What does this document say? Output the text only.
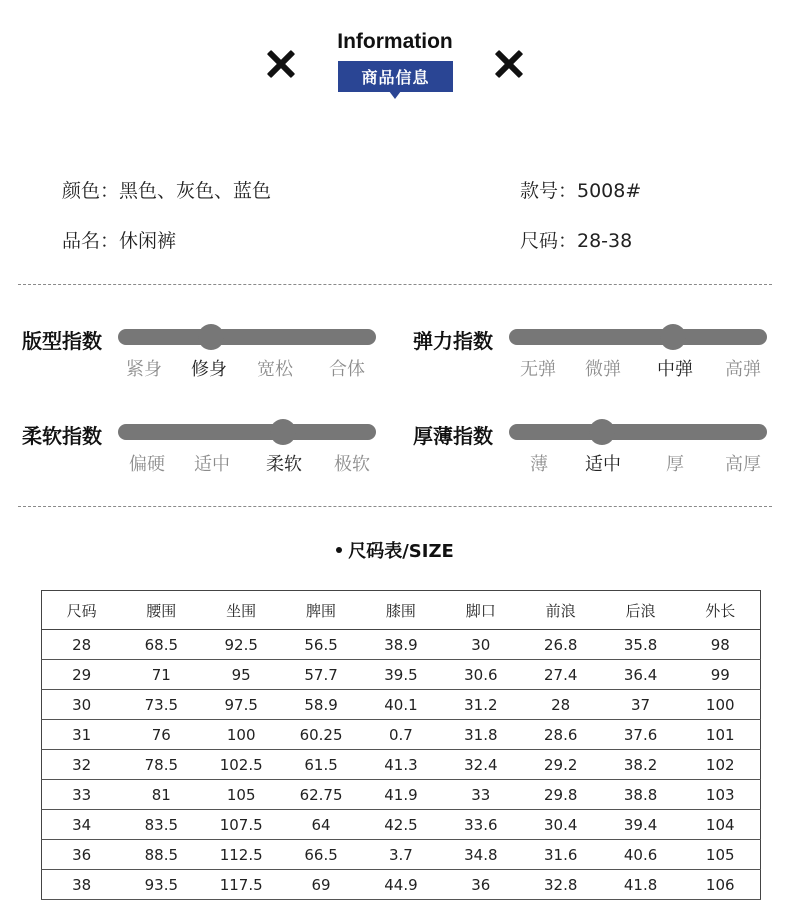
Information
商品信息
颜色：黑色、灰色、蓝色	款号：5008#
品名：休闲裤	尺码：28-38
版型指数
紧身	修身	宽松	合体
弹力指数
无弹	微弹	中弹	高弹
柔软指数
偏硬	适中	柔软	极软
厚薄指数
薄	适中	厚	高厚
尺码表/SIZE
尺码	腰围	坐围	脾围	膝围	脚口	前浪	后浪	外长
28	68.5	92.5	56.5	38.9	30	26.8	35.8	98
29	71	95	57.7	39.5	30.6	27.4	36.4	99
30	73.5	97.5	58.9	40.1	31.2	28	37	100
31	76	100	60.25	0.7	31.8	28.6	37.6	101
32	78.5	102.5	61.5	41.3	32.4	29.2	38.2	102
33	81	105	62.75	41.9	33	29.8	38.8	103
34	83.5	107.5	64	42.5	33.6	30.4	39.4	104
36	88.5	112.5	66.5	3.7	34.8	31.6	40.6	105
38	93.5	117.5	69	44.9	36	32.8	41.8	106
